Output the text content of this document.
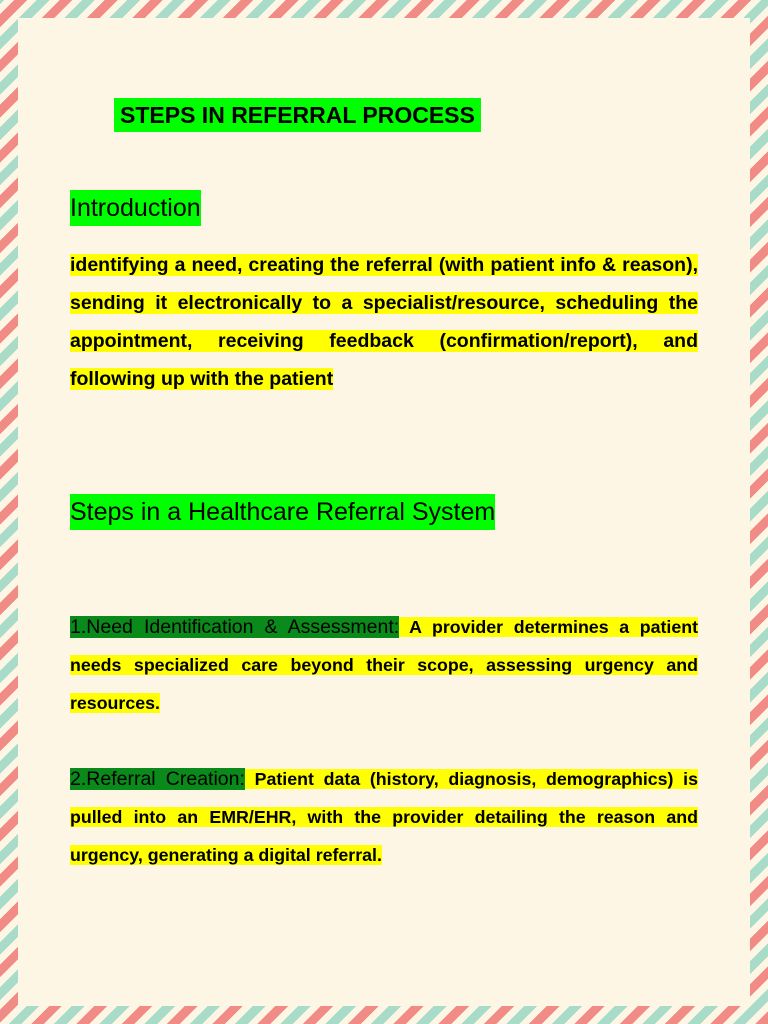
STEPS IN REFERRAL PROCESS
Introduction
identifying a need, creating the referral (with patient info & reason), sending it electronically to a specialist/resource, scheduling the appointment, receiving feedback (confirmation/report), and following up with the patient
Steps in a Healthcare Referral System
1.Need Identification & Assessment: A provider determines a patient needs specialized care beyond their scope, assessing urgency and resources.
2.Referral Creation: Patient data (history, diagnosis, demographics) is pulled into an EMR/EHR, with the provider detailing the reason and urgency, generating a digital referral.
